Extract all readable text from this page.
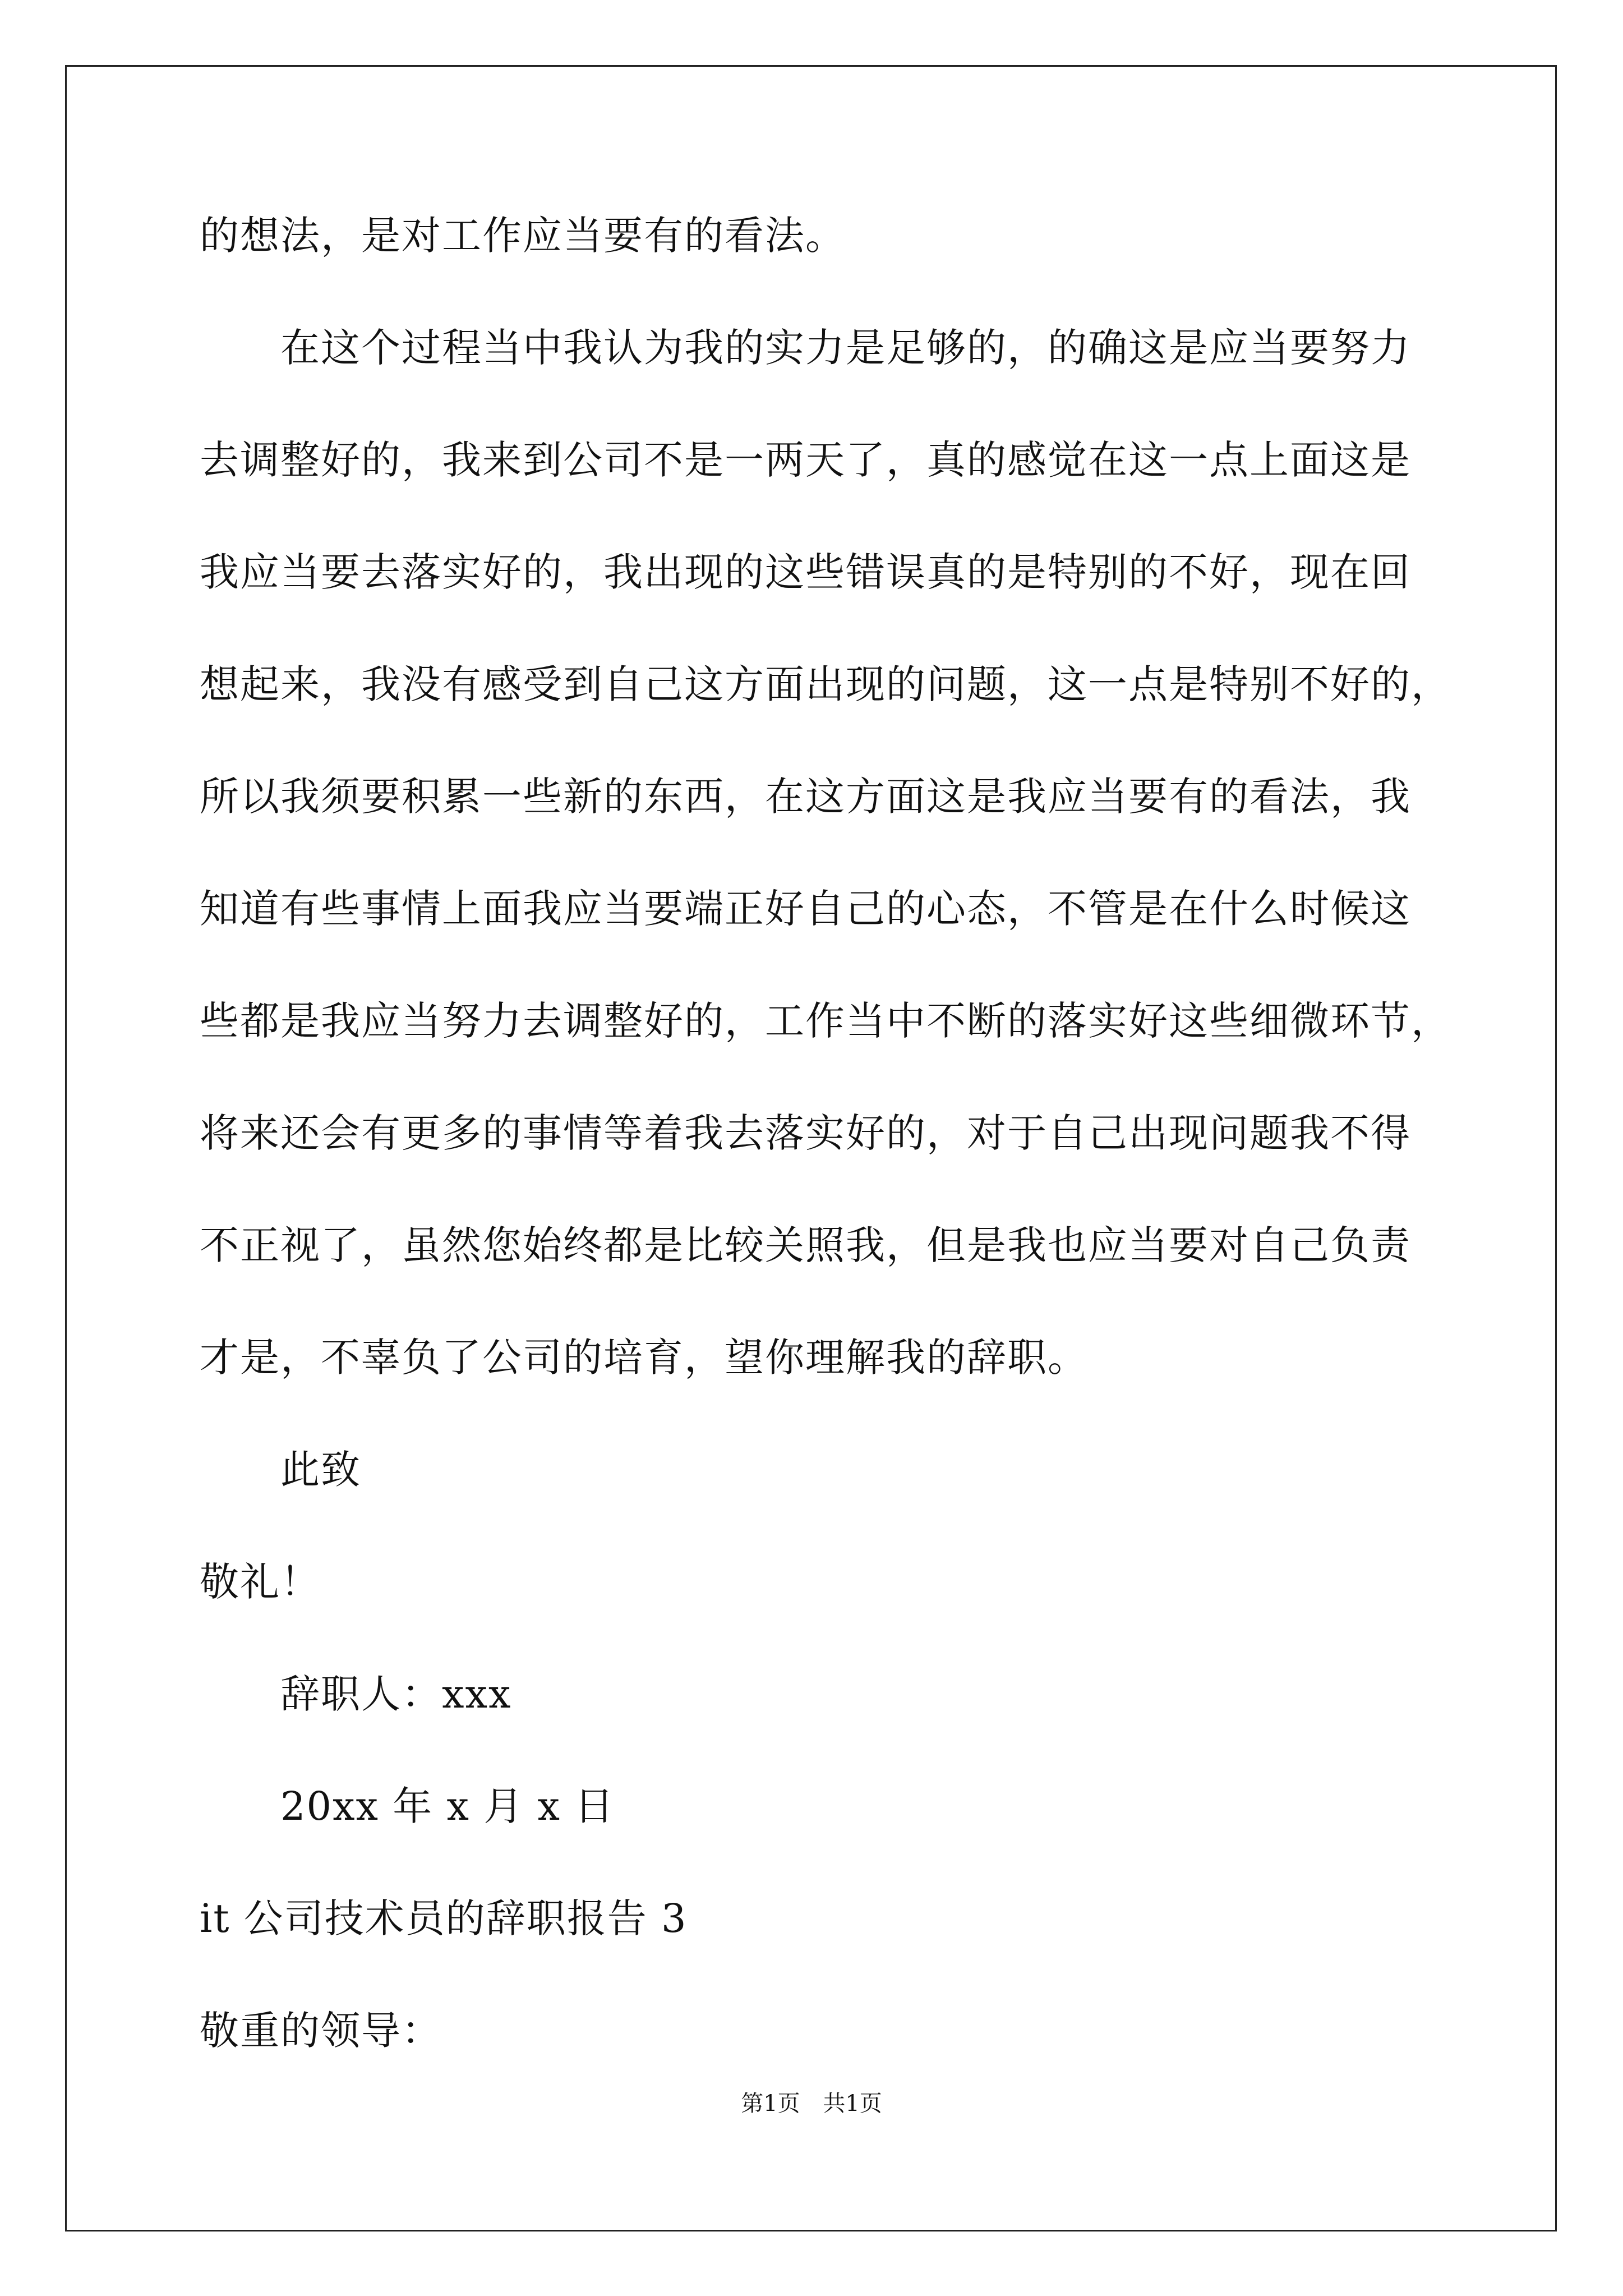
的想法，是对工作应当要有的看法。
在这个过程当中我认为我的实力是足够的，的确这是应当要努力
去调整好的，我来到公司不是一两天了，真的感觉在这一点上面这是
我应当要去落实好的，我出现的这些错误真的是特别的不好，现在回
想起来，我没有感受到自己这方面出现的问题，这一点是特别不好的，
所以我须要积累一些新的东西，在这方面这是我应当要有的看法，我
知道有些事情上面我应当要端正好自己的心态，不管是在什么时候这
些都是我应当努力去调整好的，工作当中不断的落实好这些细微环节，
将来还会有更多的事情等着我去落实好的，对于自己出现问题我不得
不正视了，虽然您始终都是比较关照我，但是我也应当要对自己负责
才是，不辜负了公司的培育，望你理解我的辞职。
此致
敬礼！
辞职人：xxx
20xx 年 x 月 x 日
it 公司技术员的辞职报告 3
敬重的领导：
第1页 共1页
